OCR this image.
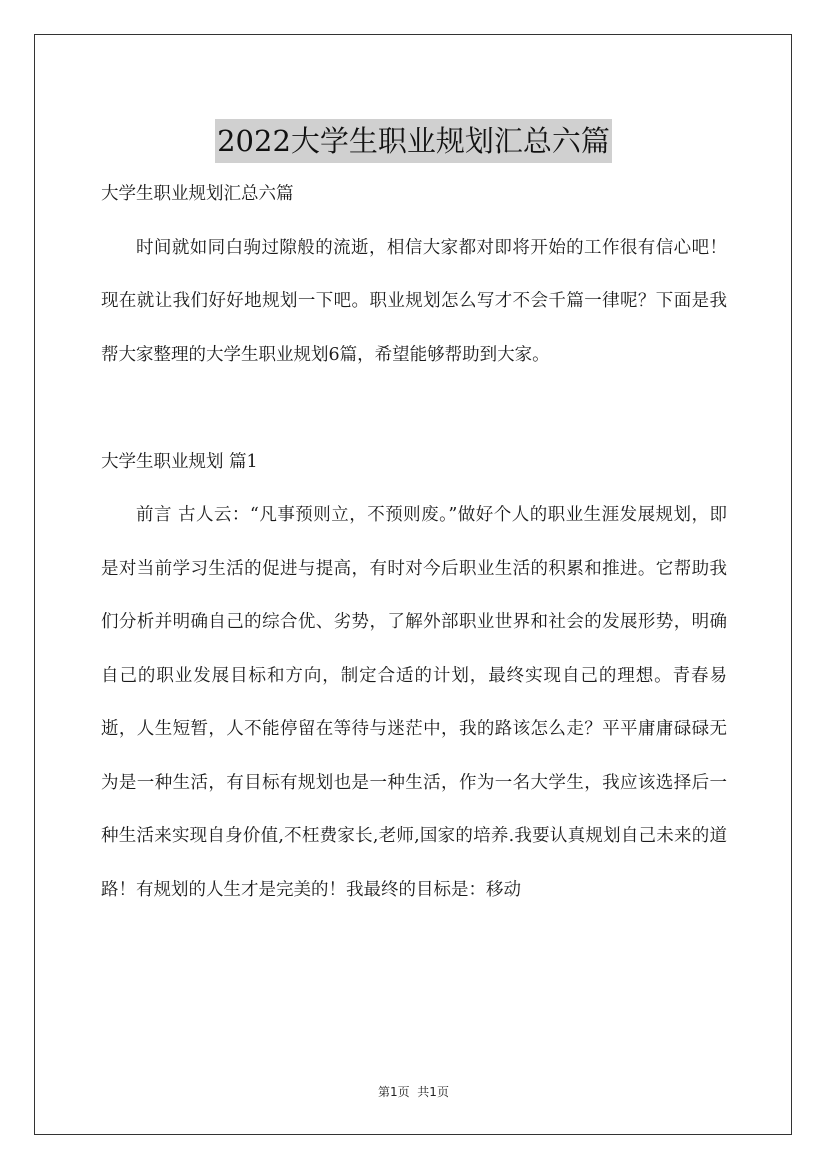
2022大学生职业规划汇总六篇

大学生职业规划汇总六篇

时间就如同白驹过隙般的流逝，相信大家都对即将开始的工作很有信心吧！现在就让我们好好地规划一下吧。职业规划怎么写才不会千篇一律呢？下面是我帮大家整理的大学生职业规划6篇，希望能够帮助到大家。

大学生职业规划 篇1

前言 古人云：“凡事预则立，不预则废。”做好个人的职业生涯发展规划，即是对当前学习生活的促进与提高，有时对今后职业生活的积累和推进。它帮助我们分析并明确自己的综合优、劣势，了解外部职业世界和社会的发展形势，明确自己的职业发展目标和方向，制定合适的计划，最终实现自己的理想。青春易逝，人生短暂，人不能停留在等待与迷茫中，我的路该怎么走？平平庸庸碌碌无为是一种生活，有目标有规划也是一种生活，作为一名大学生，我应该选择后一种生活来实现自身价值,不枉费家长,老师,国家的培养.我要认真规划自己未来的道路！有规划的人生才是完美的！我最终的目标是：移动

第1页  共1页
